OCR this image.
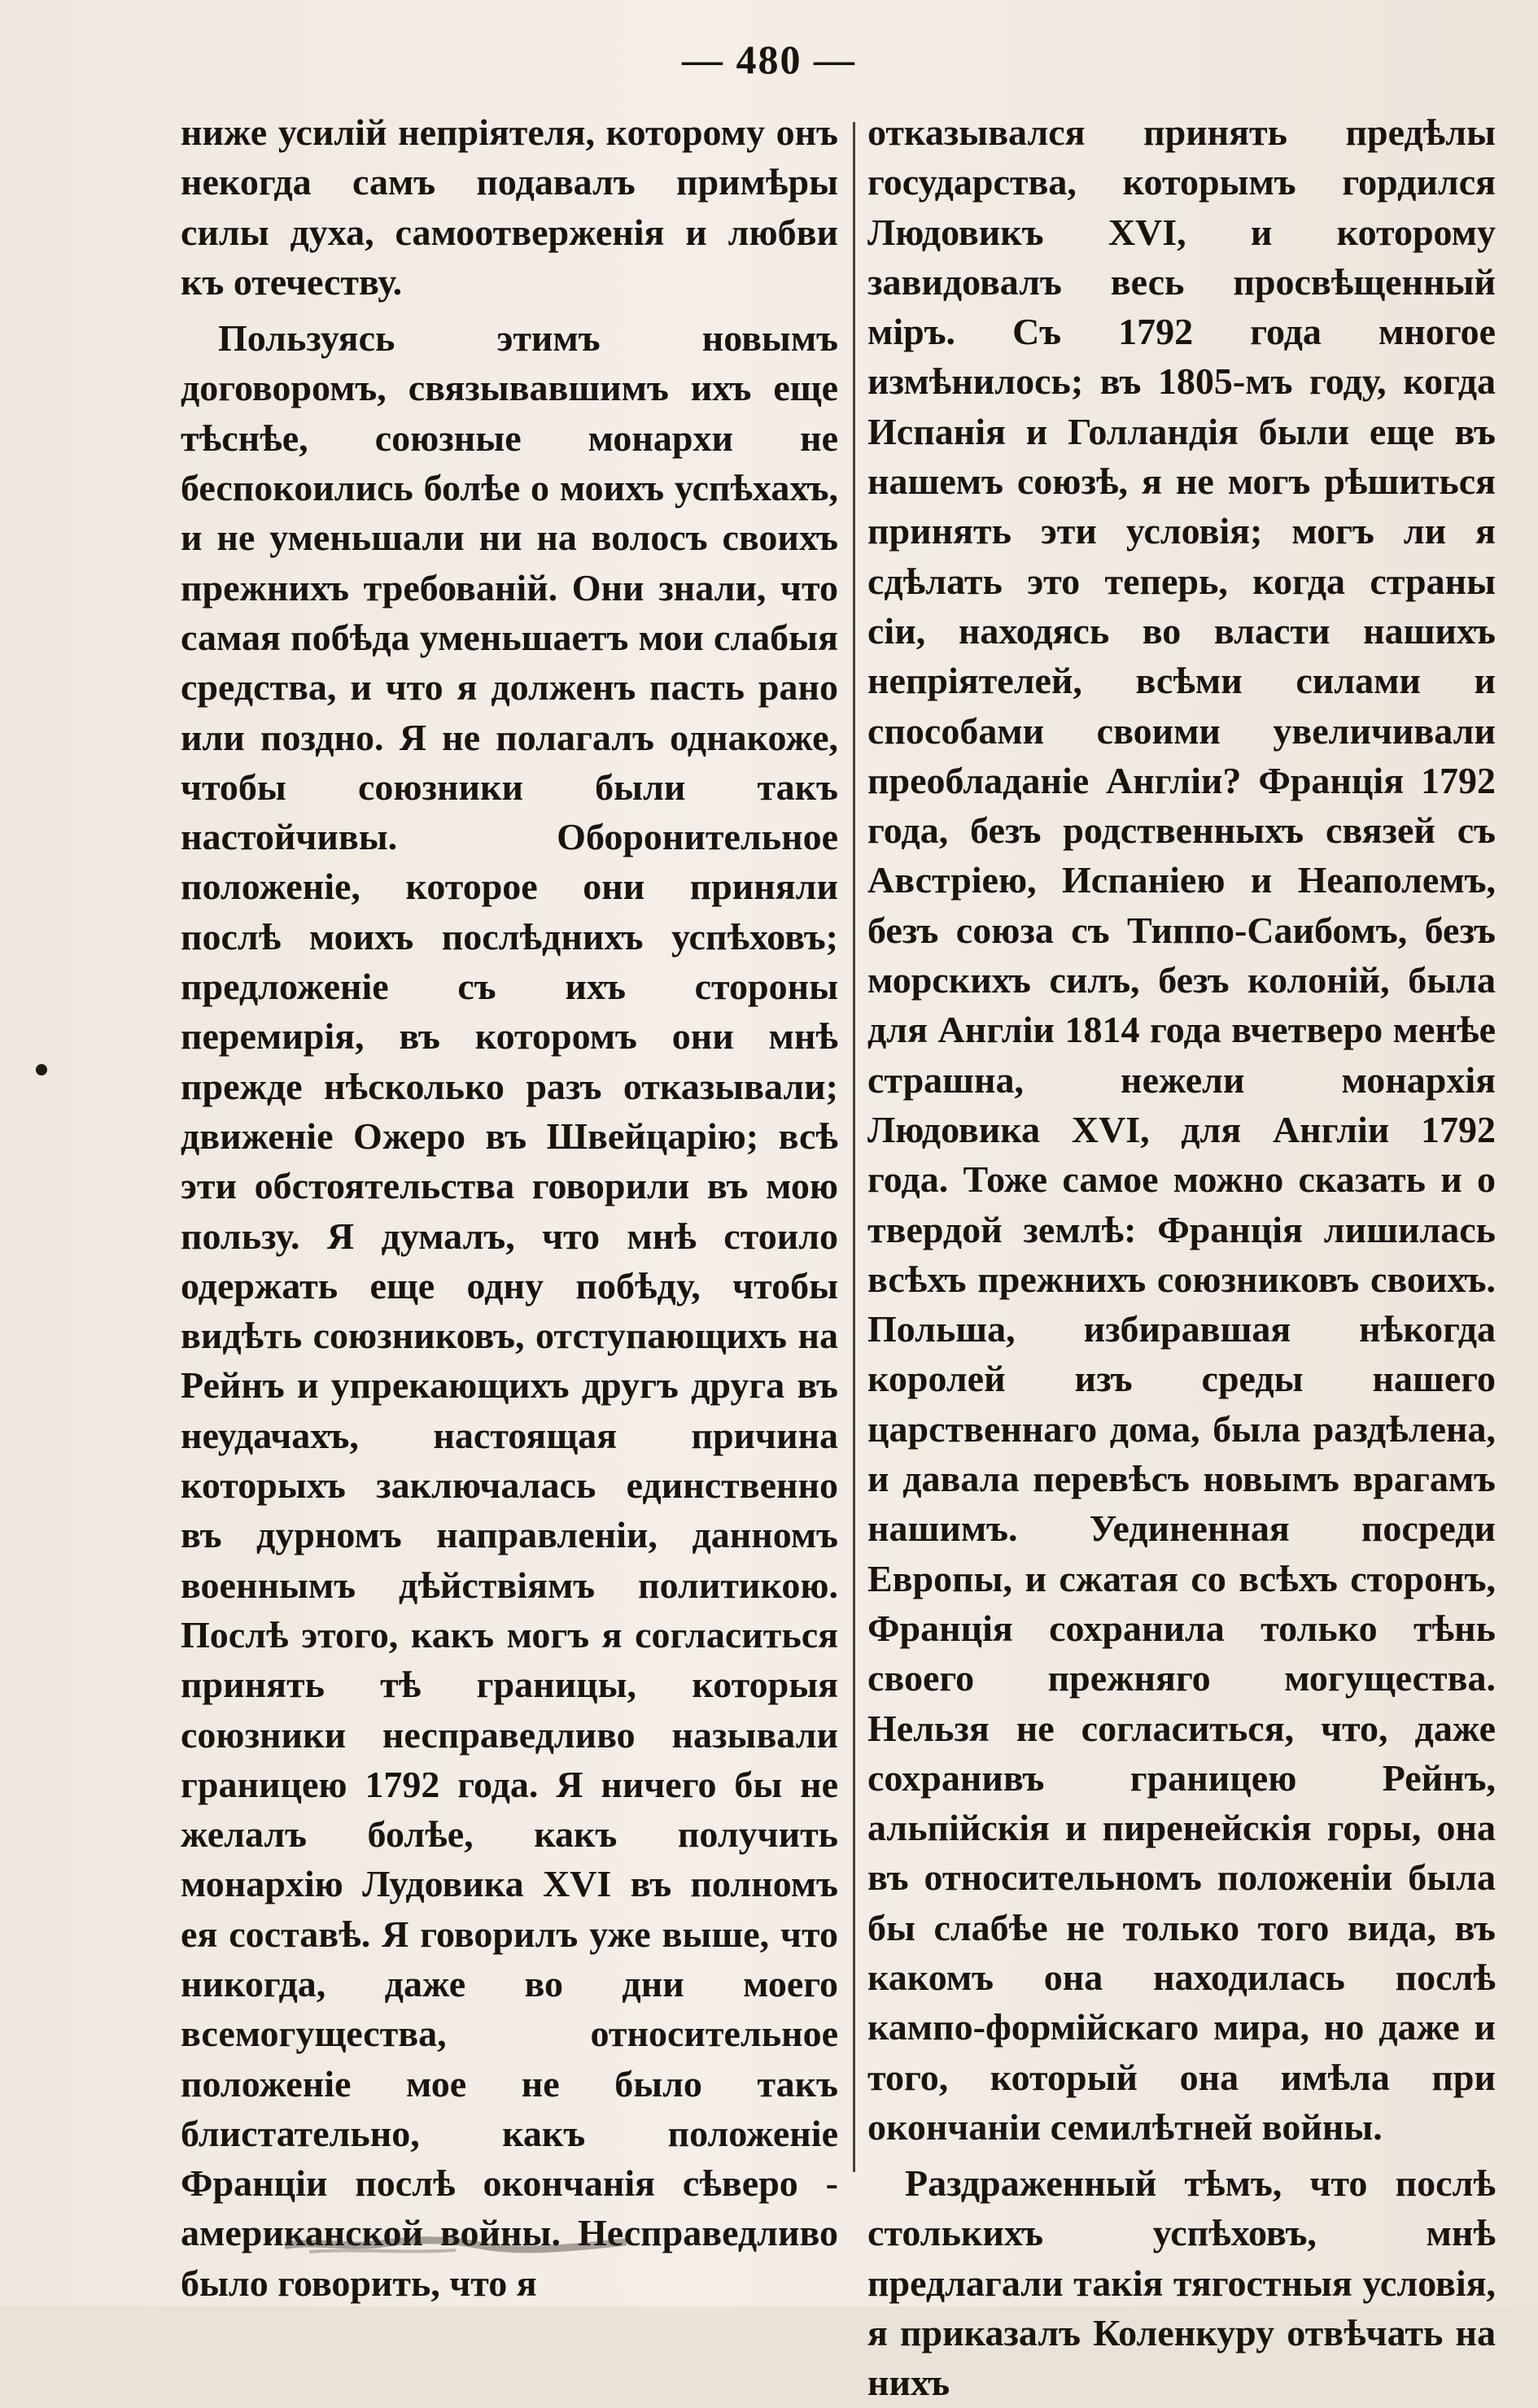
— 480 —

ниже усилій непріятеля, которому онъ некогда самъ подавалъ примѣры силы духа, самоотверженія и любви къ отечеству.

Пользуясь этимъ новымъ договоромъ, связывавшимъ ихъ еще тѣснѣе, союзные монархи не беспокоились болѣе о моихъ успѣхахъ, и не уменьшали ни на волосъ своихъ прежнихъ требованій. Они знали, что самая побѣда уменьшаетъ мои слабыя средства, и что я долженъ пасть рано или поздно. Я не полагалъ однакоже, чтобы союзники были такъ настойчивы. Оборонительное положеніе, которое они приняли послѣ моихъ послѣднихъ успѣховъ; предложеніе съ ихъ стороны перемирія, въ которомъ они мнѣ прежде нѣсколько разъ отказывали; движеніе Ожеро въ Швейцарію; всѣ эти обстоятельства говорили въ мою пользу. Я думалъ, что мнѣ стоило одержать еще одну побѣду, чтобы видѣть союзниковъ, отступающихъ на Рейнъ и упрекающихъ другъ друга въ неудачахъ, настоящая причина которыхъ заключалась единственно въ дурномъ направленіи, данномъ военнымъ дѣйствіямъ политикою. Послѣ этого, какъ могъ я согласиться принять тѣ границы, которыя союзники несправедливо называли границею 1792 года. Я ничего бы не желалъ болѣе, какъ получить монархію Лудовика XVI въ полномъ ея составѣ. Я говорилъ уже выше, что никогда, даже во дни моего всемогущества, относительное положеніе мое не было такъ блистательно, какъ положеніе Франціи послѣ окончанія сѣверо - американской войны. Несправедливо было говорить, что я

отказывался принять предѣлы государства, которымъ гордился Людовикъ XVI, и которому завидовалъ весь просвѣщенный міръ. Съ 1792 года многое измѣнилось; въ 1805-мъ году, когда Испанія и Голландія были еще въ нашемъ союзѣ, я не могъ рѣшиться принять эти условія; могъ ли я сдѣлать это теперь, когда страны сіи, находясь во власти нашихъ непріятелей, всѣми силами и способами своими увеличивали преобладаніе Англіи? Франція 1792 года, безъ родственныхъ связей съ Австріею, Испаніею и Неаполемъ, безъ союза съ Типпо-Саибомъ, безъ морскихъ силъ, безъ колоній, была для Англіи 1814 года вчетверо менѣе страшна, нежели монархія Людовика XVI, для Англіи 1792 года. Тоже самое можно сказать и о твердой землѣ: Франція лишилась всѣхъ прежнихъ союзниковъ своихъ. Польша, избиравшая нѣкогда королей изъ среды нашего царственнаго дома, была раздѣлена, и давала перевѣсъ новымъ врагамъ нашимъ. Уединенная посреди Европы, и сжатая со всѣхъ сторонъ, Франція сохранила только тѣнь своего прежняго могущества. Нельзя не согласиться, что, даже сохранивъ границею Рейнъ, альпійскія и пиренейскія горы, она въ относительномъ положеніи была бы слабѣе не только того вида, въ какомъ она находилась послѣ кампо-формійскаго мира, но даже и того, который она имѣла при окончаніи семилѣтней войны.

Раздраженный тѣмъ, что послѣ столькихъ успѣховъ, мнѣ предлагали такія тягостныя условія, я приказалъ Коленкуру отвѣчать на нихъ
